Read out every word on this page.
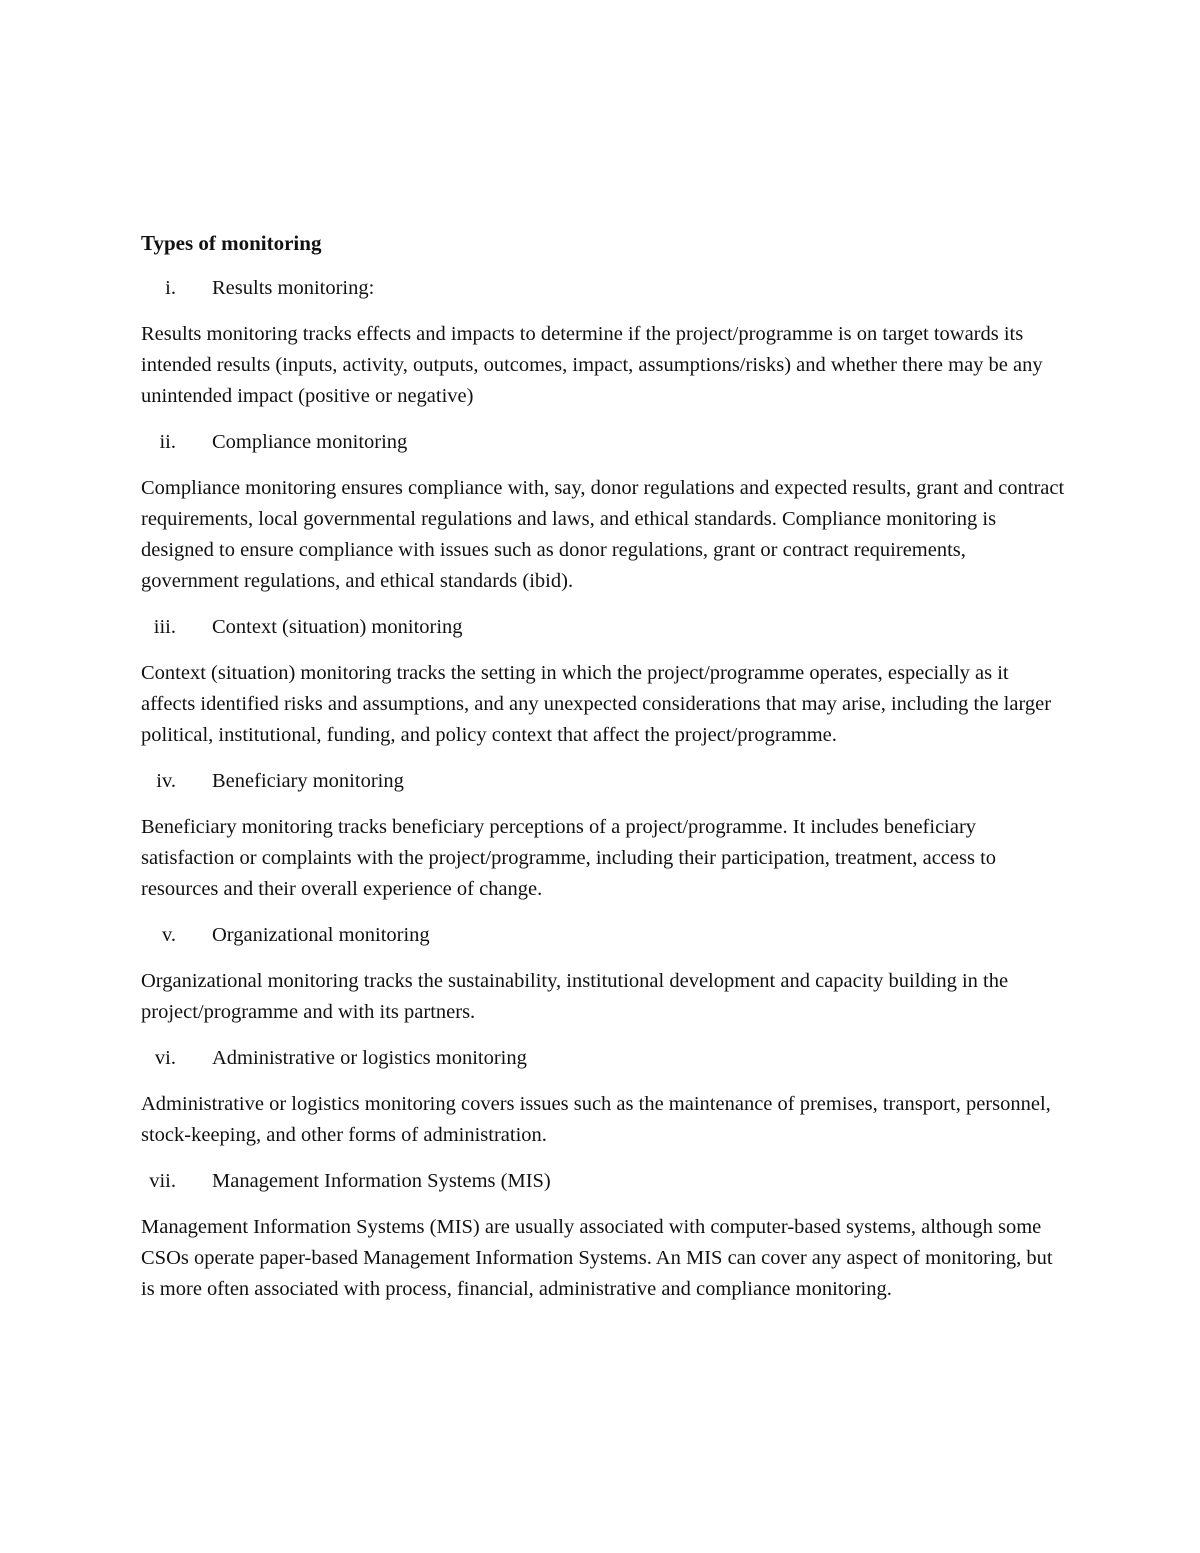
Types of monitoring
i. Results monitoring:

Results monitoring tracks effects and impacts to determine if the project/programme is on target towards its intended results (inputs, activity, outputs, outcomes, impact, assumptions/risks) and whether there may be any unintended impact (positive or negative)

ii. Compliance monitoring

Compliance monitoring ensures compliance with, say, donor regulations and expected results, grant and contract requirements, local governmental regulations and laws, and ethical standards. Compliance monitoring is designed to ensure compliance with issues such as donor regulations, grant or contract requirements, government regulations, and ethical standards (ibid).

iii. Context (situation) monitoring

Context (situation) monitoring tracks the setting in which the project/programme operates, especially as it affects identified risks and assumptions, and any unexpected considerations that may arise, including the larger political, institutional, funding, and policy context that affect the project/programme.

iv. Beneficiary monitoring

Beneficiary monitoring tracks beneficiary perceptions of a project/programme. It includes beneficiary satisfaction or complaints with the project/programme, including their participation, treatment, access to resources and their overall experience of change.

v. Organizational monitoring

Organizational monitoring tracks the sustainability, institutional development and capacity building in the project/programme and with its partners.

vi. Administrative or logistics monitoring

Administrative or logistics monitoring covers issues such as the maintenance of premises, transport, personnel, stock-keeping, and other forms of administration.

vii. Management Information Systems (MIS)

Management Information Systems (MIS) are usually associated with computer-based systems, although some CSOs operate paper-based Management Information Systems. An MIS can cover any aspect of monitoring, but is more often associated with process, financial, administrative and compliance monitoring.
